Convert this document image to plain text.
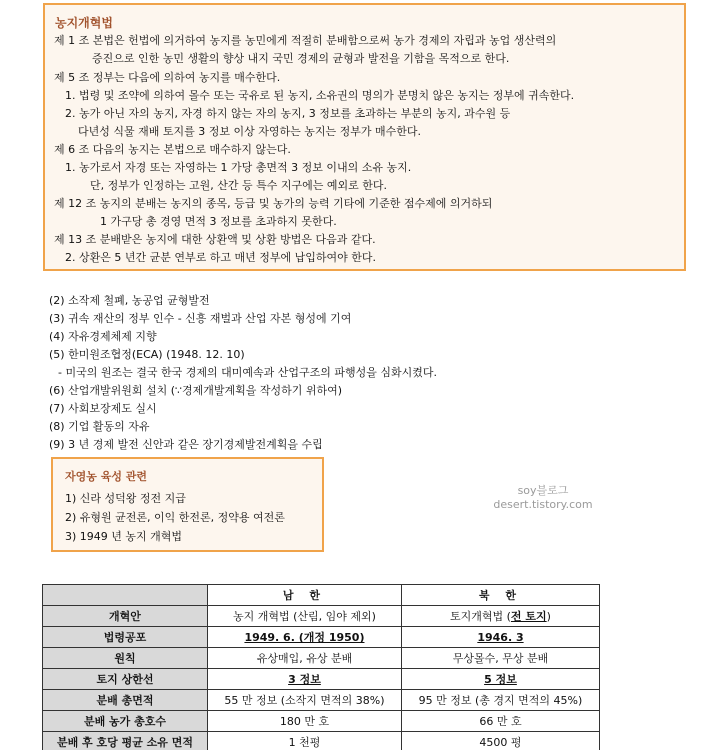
농지개혁법
제 1 조 본법은 헌법에 의거하여 농지를 농민에게 적절히 분배함으로써 농가 경제의 자립과 농업 생산력의
증진으로 인한 농민 생활의 향상 내지 국민 경제의 균형과 발전을 기함을 목적으로 한다.
제 5 조 정부는 다음에 의하여 농지를 매수한다.
1. 법령 및 조약에 의하여 몰수 또는 국유로 된 농지, 소유권의 명의가 분명치 않은 농지는 정부에 귀속한다.
2. 농가 아닌 자의 농지, 자경 하지 않는 자의 농지, 3 정보를 초과하는 부분의 농지, 과수원 등
다년성 식물 재배 토지를 3 정보 이상 자영하는 농지는 정부가 매수한다.
제 6 조 다음의 농지는 본법으로 매수하지 않는다.
1. 농가로서 자경 또는 자영하는 1 가당 총면적 3 정보 이내의 소유 농지.
단, 정부가 인정하는 고원, 산간 등 특수 지구에는 예외로 한다.
제 12 조 농지의 분배는 농지의 종목, 등급 및 농가의 능력 기타에 기준한 점수제에 의거하되
1 가구당 총 경영 면적 3 정보를 초과하지 못한다.
제 13 조 분배받은 농지에 대한 상환액 및 상환 방법은 다음과 같다.
2. 상환은 5 년간 균분 연부로 하고 매년 정부에 납입하여야 한다.
(2) 소작제 철폐, 농공업 균형발전
(3) 귀속 재산의 정부 인수 - 신흥 재벌과 산업 자본 형성에 기여
(4) 자유경제체제 지향
(5) 한미원조협정(ECA) (1948. 12. 10)
- 미국의 원조는 결국 한국 경제의 대미예속과 산업구조의 파행성을 심화시켰다.
(6) 산업개발위원회 설치 (∵경제개발계획을 작성하기 위하여)
(7) 사회보장제도 실시
(8) 기업 활동의 자유
(9) 3 년 경제 발전 신안과 같은 장기경제발전계획을 수립
자영농 육성 관련
1) 신라 성덕왕 정전 지급
2) 유형원 균전론, 이익 한전론, 정약용 여전론
3) 1949 년 농지 개혁법
soy블로그
desert.tistory.com
	남 한	북 한
개혁안	농지 개혁법 (산림, 임야 제외)	토지개혁법 (전 토지)
법령공포	1949. 6. (개정 1950)	1946. 3
원칙	유상매입, 유상 분배	무상몰수, 무상 분배
토지 상한선	3 정보	5 정보
분배 총면적	55 만 정보 (소작지 면적의 38%)	95 만 정보 (총 경지 면적의 45%)
분배 농가 총호수	180 만 호	66 만 호
분배 후 호당 평균 소유 면적	1 천평	4500 평
